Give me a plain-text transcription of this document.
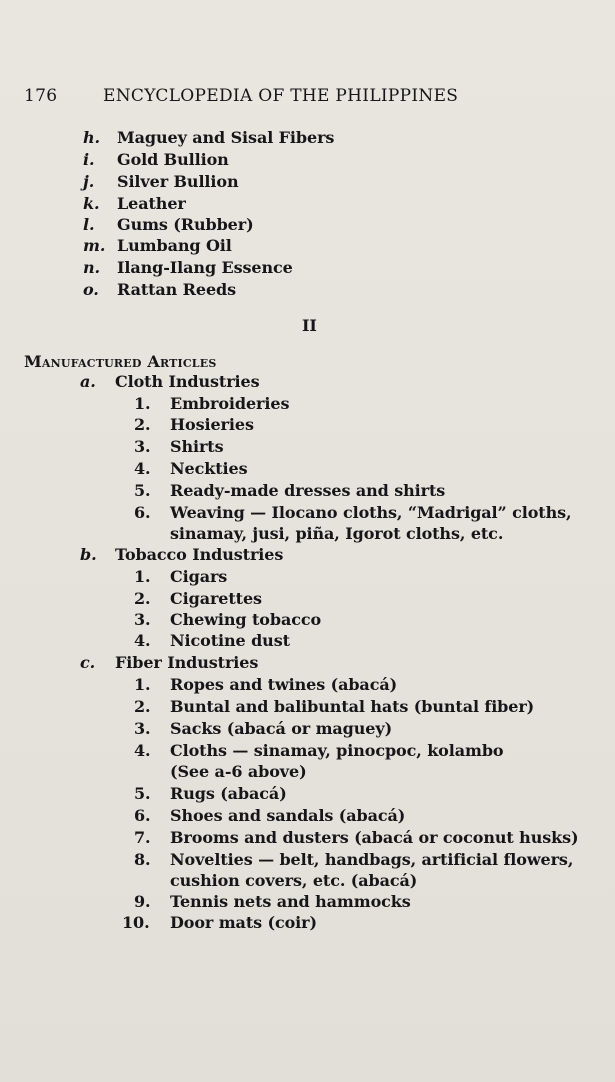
176	ENCYCLOPEDIA OF THE PHILIPPINES
h. Maguey and Sisal Fibers
i. Gold Bullion
j. Silver Bullion
k. Leather
l. Gums (Rubber)
m. Lumbang Oil
n. Ilang-Ilang Essence
o. Rattan Reeds
II
Manufactured Articles
a. Cloth Industries
1. Embroideries
2. Hosieries
3. Shirts
4. Neckties
5. Ready-made dresses and shirts
6. Weaving — Ilocano cloths, “Madrigal” cloths,
sinamay, jusi, piña, Igorot cloths, etc.
b. Tobacco Industries
1. Cigars
2. Cigarettes
3. Chewing tobacco
4. Nicotine dust
c. Fiber Industries
1. Ropes and twines (abacá)
2. Buntal and balibuntal hats (buntal fiber)
3. Sacks (abacá or maguey)
4. Cloths — sinamay, pinocpoc, kolambo
(See a-6 above)
5. Rugs (abacá)
6. Shoes and sandals (abacá)
7. Brooms and dusters (abacá or coconut husks)
8. Novelties — belt, handbags, artificial flowers,
cushion covers, etc. (abacá)
9. Tennis nets and hammocks
10. Door mats (coir)
